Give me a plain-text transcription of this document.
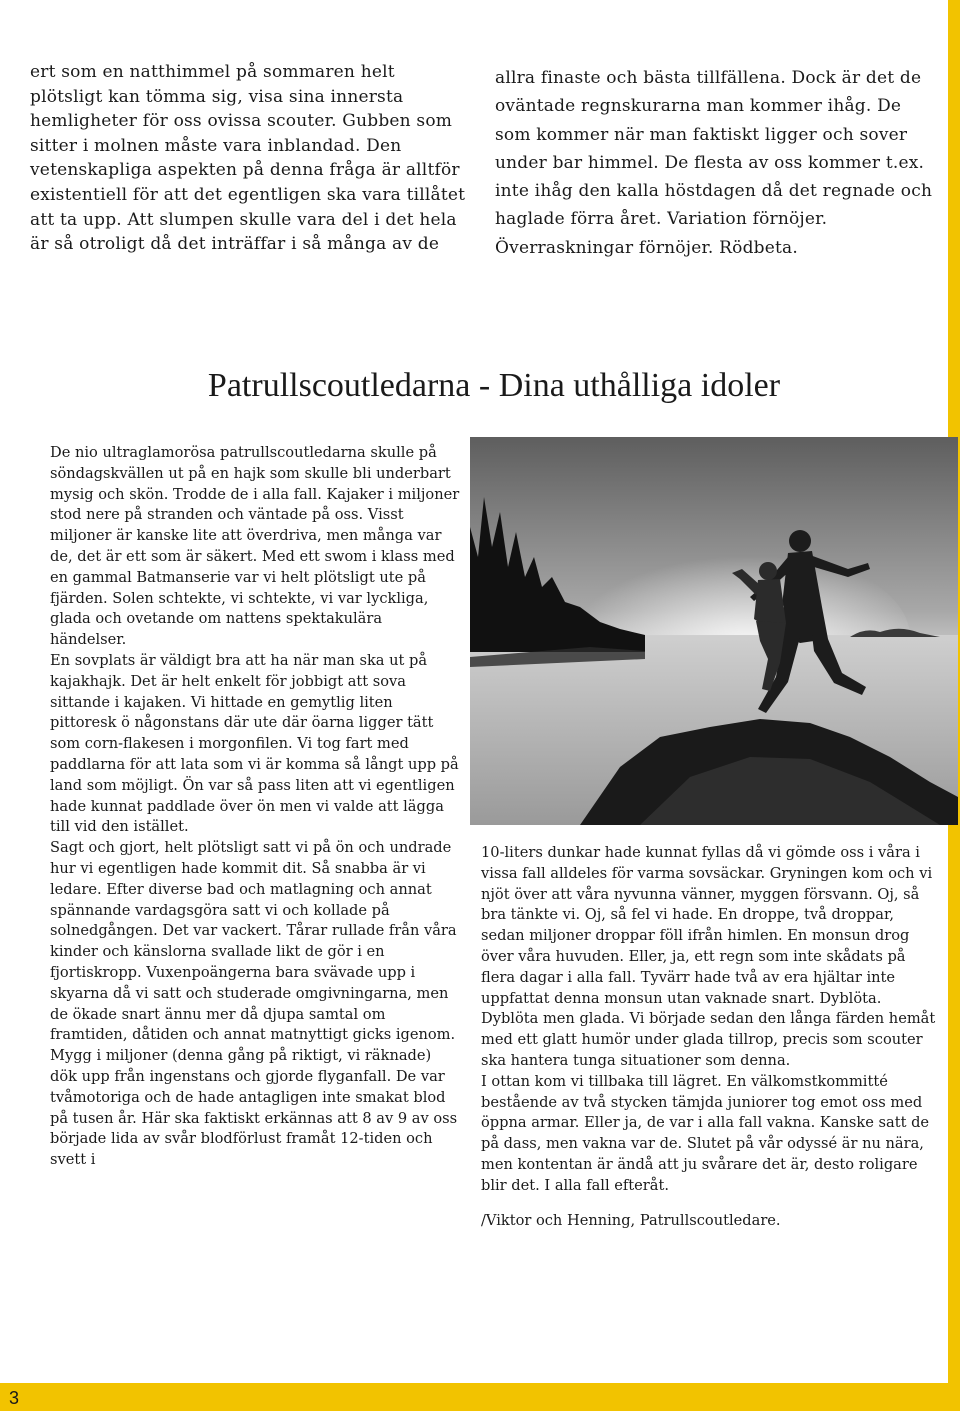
3

ert som en natthimmel på sommaren helt plötsligt kan tömma sig, visa sina innersta hemligheter för oss ovissa scouter. Gubben som sitter i molnen måste vara inblandad. Den vetenskapliga aspekten på denna fråga är alltför existentiell för att det egentligen ska vara tillåtet att ta upp. Att slumpen skulle vara del i det hela är så otroligt då det inträffar i så många av de

allra finaste och bästa tillfällena. Dock är det de oväntade regnskurarna man kommer ihåg. De som kommer när man faktiskt ligger och sover under bar himmel. De flesta av oss kommer t.ex. inte ihåg den kalla höstdagen då det regnade och haglade förra året. Variation förnöjer. Överraskningar förnöjer. Rödbeta.

Patrullscoutledarna - Dina uthålliga idoler

De nio ultraglamorösa patrullscoutledarna skulle på söndagskvällen ut på en hajk som skulle bli underbart mysig och skön. Trodde de i alla fall. Kajaker i miljoner stod nere på stranden och väntade på oss. Visst miljoner är kanske lite att överdriva, men många var de, det är ett som är säkert. Med ett swom i klass med en gammal Batmanserie var vi helt plötsligt ute på fjärden. Solen schtekte, vi schtekte, vi var lyckliga, glada och ovetande om nattens spektakulära händelser.

En sovplats är väldigt bra att ha när man ska ut på kajakhajk. Det är helt enkelt för jobbigt att sova sittande i kajaken. Vi hittade en gemytlig liten pittoresk ö någonstans där ute där öarna ligger tätt som corn-flakesen i morgonfilen. Vi tog fart med paddlarna för att lata som vi är komma så långt upp på land som möjligt. Ön var så pass liten att vi egentligen hade kunnat paddlade över ön men vi valde att lägga till vid den istället.

Sagt och gjort, helt plötsligt satt vi på ön och undrade hur vi egentligen hade kommit dit. Så snabba är vi ledare. Efter diverse bad och matlagning och annat spännande vardagsgöra satt vi och kollade på solnedgången. Det var vackert. Tårar rullade från våra kinder och känslorna svallade likt de gör i en fjortiskropp. Vuxenpoängerna bara svävade upp i skyarna då vi satt och studerade omgivningarna, men de ökade snart ännu mer då djupa samtal om framtiden, dåtiden och annat matnyttigt gicks igenom.

Mygg i miljoner (denna gång på riktigt, vi räknade) dök upp från ingenstans och gjorde flyganfall. De var tvåmotoriga och de hade antagligen inte smakat blod på tusen år. Här ska faktiskt erkännas att 8 av 9 av oss började lida av svår blodförlust framåt 12-tiden och svett i

10-liters dunkar hade kunnat fyllas då vi gömde oss i våra i vissa fall alldeles för varma sovsäckar. Gryningen kom och vi njöt över att våra nyvunna vänner, myggen försvann. Oj, så bra tänkte vi. Oj, så fel vi hade. En droppe, två droppar, sedan miljoner droppar föll ifrån himlen. En monsun drog över våra huvuden. Eller, ja, ett regn som inte skådats på flera dagar i alla fall. Tyvärr hade två av era hjältar inte uppfattat denna monsun utan vaknade snart. Dyblöta. Dyblöta men glada. Vi började sedan den långa färden hemåt med ett glatt humör under glada tillrop, precis som scouter ska hantera tunga situationer som denna.

I ottan kom vi tillbaka till lägret. En välkomstkommitté bestående av två stycken tämjda juniorer tog emot oss med öppna armar. Eller ja, de var i alla fall vakna. Kanske satt de på dass, men vakna var de. Slutet på vår odyssé är nu nära, men kontentan är ändå att ju svårare det är, desto roligare blir det. I alla fall efteråt.

/Viktor och Henning, Patrullscoutledare.
